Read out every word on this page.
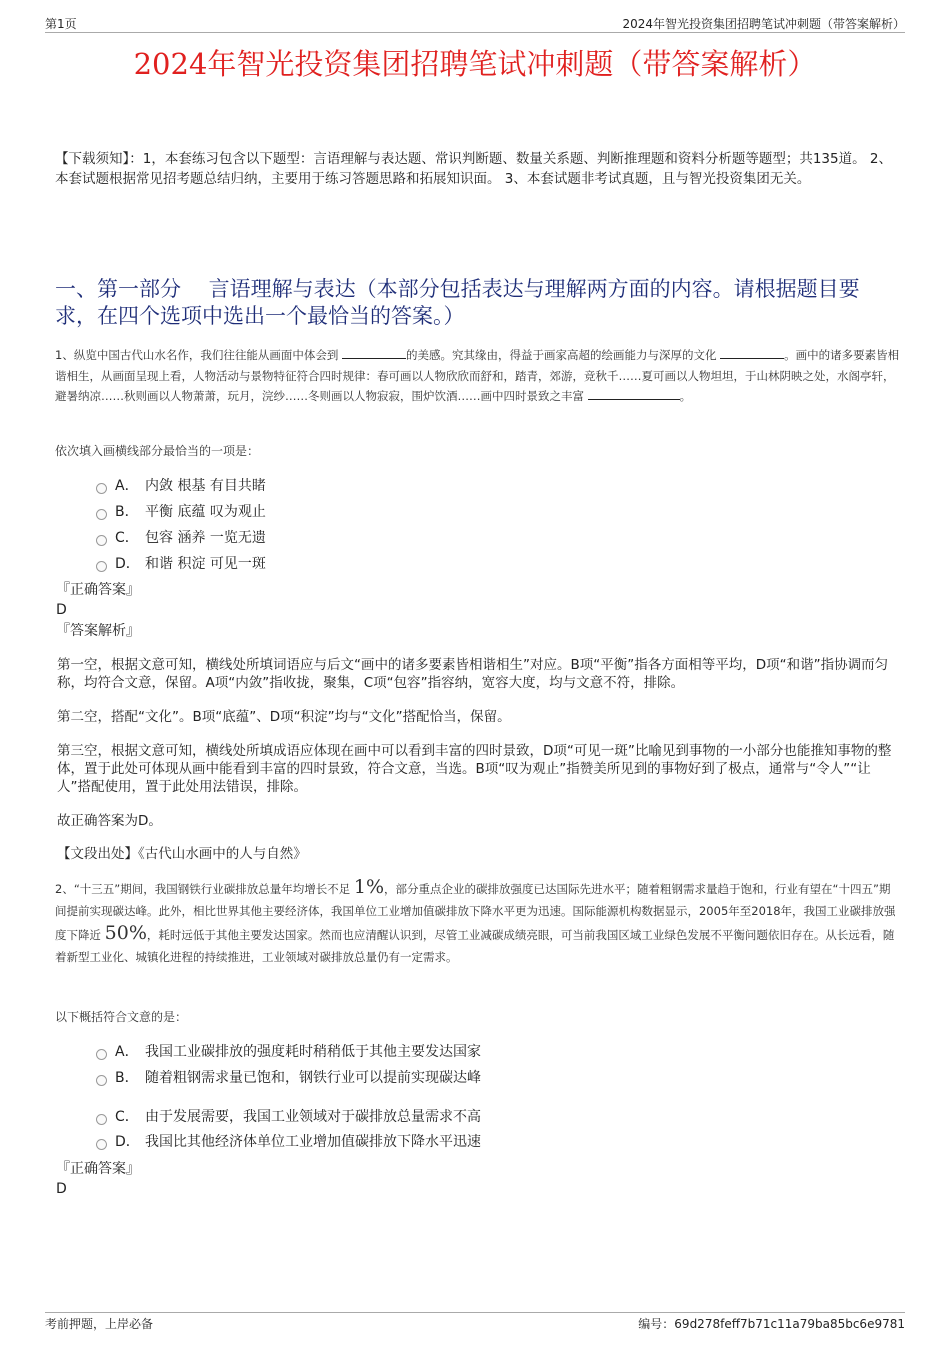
第1页	2024年智光投资集团招聘笔试冲刺题（带答案解析）
2024年智光投资集团招聘笔试冲刺题（带答案解析）
【下载须知】：1，本套练习包含以下题型：言语理解与表达题、常识判断题、数量关系题、判断推理题和资料分析题等题型；共135道。 2、本套试题根据常见招考题总结归纳，主要用于练习答题思路和拓展知识面。 3、本套试题非考试真题，且与智光投资集团无关。
一、第一部分　 言语理解与表达（本部分包括表达与理解两方面的内容。请根据题目要求，在四个选项中选出一个最恰当的答案。）
1、纵览中国古代山水名作，我们往往能从画面中体会到	的美感。究其缘由，得益于画家高超的绘画能力与深厚的文化	。画中的诸多要素皆相谐相生，从画面呈现上看，人物活动与景物特征符合四时规律：春可画以人物欣欣而舒和，踏青，郊游，竞秋千……夏可画以人物坦坦，于山林阴映之处，水阁亭轩，避暑纳凉……秋则画以人物萧萧，玩月，浣纱……冬则画以人物寂寂，围炉饮酒……画中四时景致之丰富	。
依次填入画横线部分最恰当的一项是：
A． 内敛 根基 有目共睹
B． 平衡 底蕴 叹为观止
C． 包容 涵养 一览无遗
D． 和谐 积淀 可见一斑
『正确答案』
D
『答案解析』
第一空，根据文意可知，横线处所填词语应与后文“画中的诸多要素皆相谐相生”对应。B项“平衡”指各方面相等平均，D项“和谐”指协调而匀称，均符合文意，保留。A项“内敛”指收拢，聚集，C项“包容”指容纳，宽容大度，均与文意不符，排除。
第二空，搭配“文化”。B项“底蕴”、D项“积淀”均与“文化”搭配恰当，保留。
第三空，根据文意可知，横线处所填成语应体现在画中可以看到丰富的四时景致，D项“可见一斑”比喻见到事物的一小部分也能推知事物的整体，置于此处可体现从画中能看到丰富的四时景致，符合文意，当选。B项“叹为观止”指赞美所见到的事物好到了极点，通常与“令人”“让人”搭配使用，置于此处用法错误，排除。
故正确答案为D。
【文段出处】《古代山水画中的人与自然》
2、“十三五”期间，我国钢铁行业碳排放总量年均增长不足 1%，部分重点企业的碳排放强度已达国际先进水平；随着粗钢需求量趋于饱和，行业有望在“十四五”期间提前实现碳达峰。此外，相比世界其他主要经济体，我国单位工业增加值碳排放下降水平更为迅速。国际能源机构数据显示，2005年至2018年，我国工业碳排放强度下降近 50%，耗时远低于其他主要发达国家。然而也应清醒认识到，尽管工业减碳成绩亮眼，可当前我国区域工业绿色发展不平衡问题依旧存在。从长远看，随着新型工业化、城镇化进程的持续推进，工业领域对碳排放总量仍有一定需求。
以下概括符合文意的是：
A． 我国工业碳排放的强度耗时稍稍低于其他主要发达国家
B． 随着粗钢需求量已饱和，钢铁行业可以提前实现碳达峰
C． 由于发展需要，我国工业领域对于碳排放总量需求不高
D． 我国比其他经济体单位工业增加值碳排放下降水平迅速
『正确答案』
D
考前押题，上岸必备	编号：69d278feff7b71c11a79ba85bc6e9781
